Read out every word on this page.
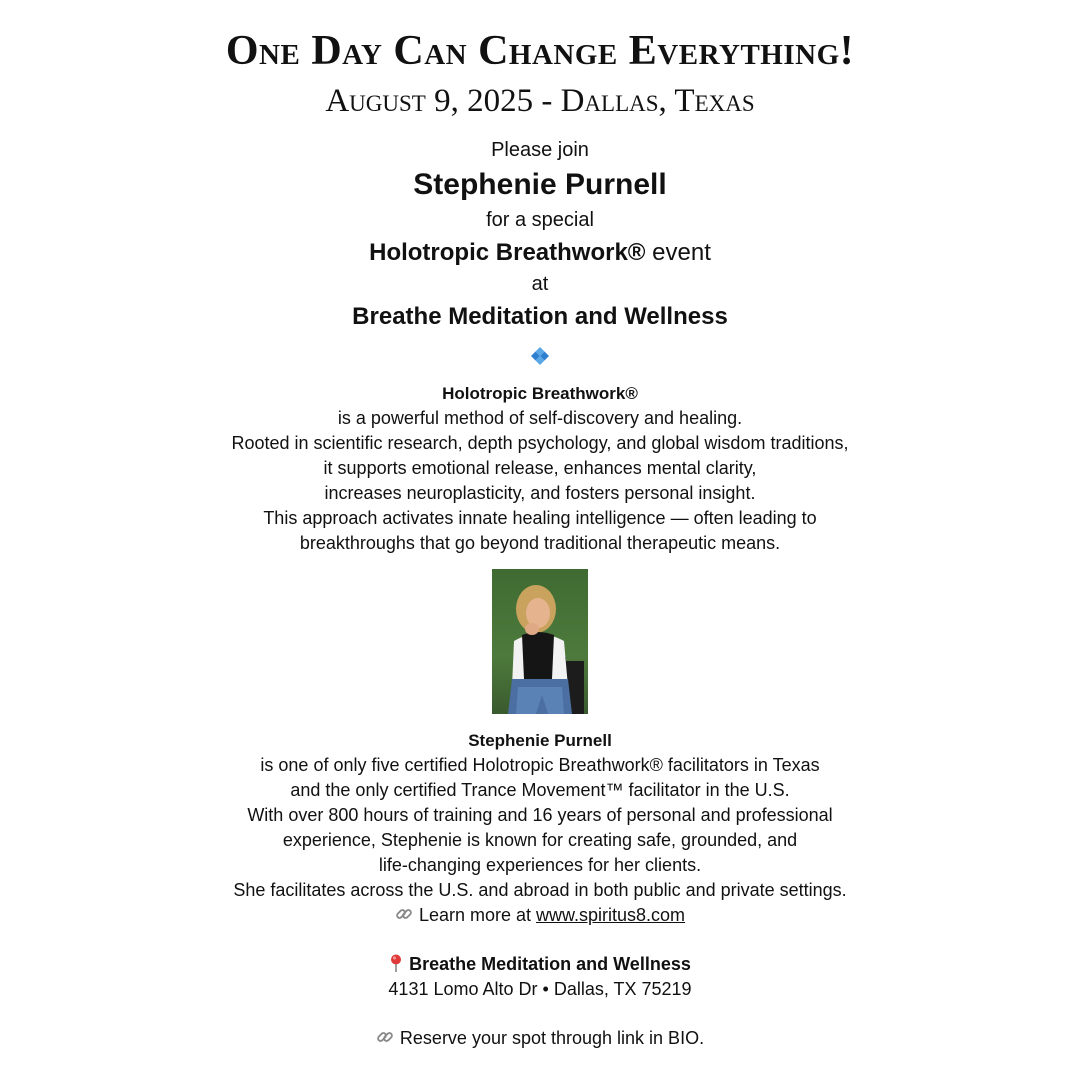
One Day Can Change Everything!
August 9, 2025 - Dallas, Texas
Please join
Stephenie Purnell
for a special
Holotropic Breathwork® event
at
Breathe Meditation and Wellness
Holotropic Breathwork®
is a powerful method of self-discovery and healing.
Rooted in scientific research, depth psychology, and global wisdom traditions,
it supports emotional release, enhances mental clarity,
increases neuroplasticity, and fosters personal insight.
This approach activates innate healing intelligence — often leading to
breakthroughs that go beyond traditional therapeutic means.
Stephenie Purnell
is one of only five certified Holotropic Breathwork® facilitators in Texas
and the only certified Trance Movement™ facilitator in the U.S.
With over 800 hours of training and 16 years of personal and professional
experience, Stephenie is known for creating safe, grounded, and
life-changing experiences for her clients.
She facilitates across the U.S. and abroad in both public and private settings.
Learn more at www.spiritus8.com
Breathe Meditation and Wellness
4131 Lomo Alto Dr • Dallas, TX 75219
Reserve your spot through link in BIO.
